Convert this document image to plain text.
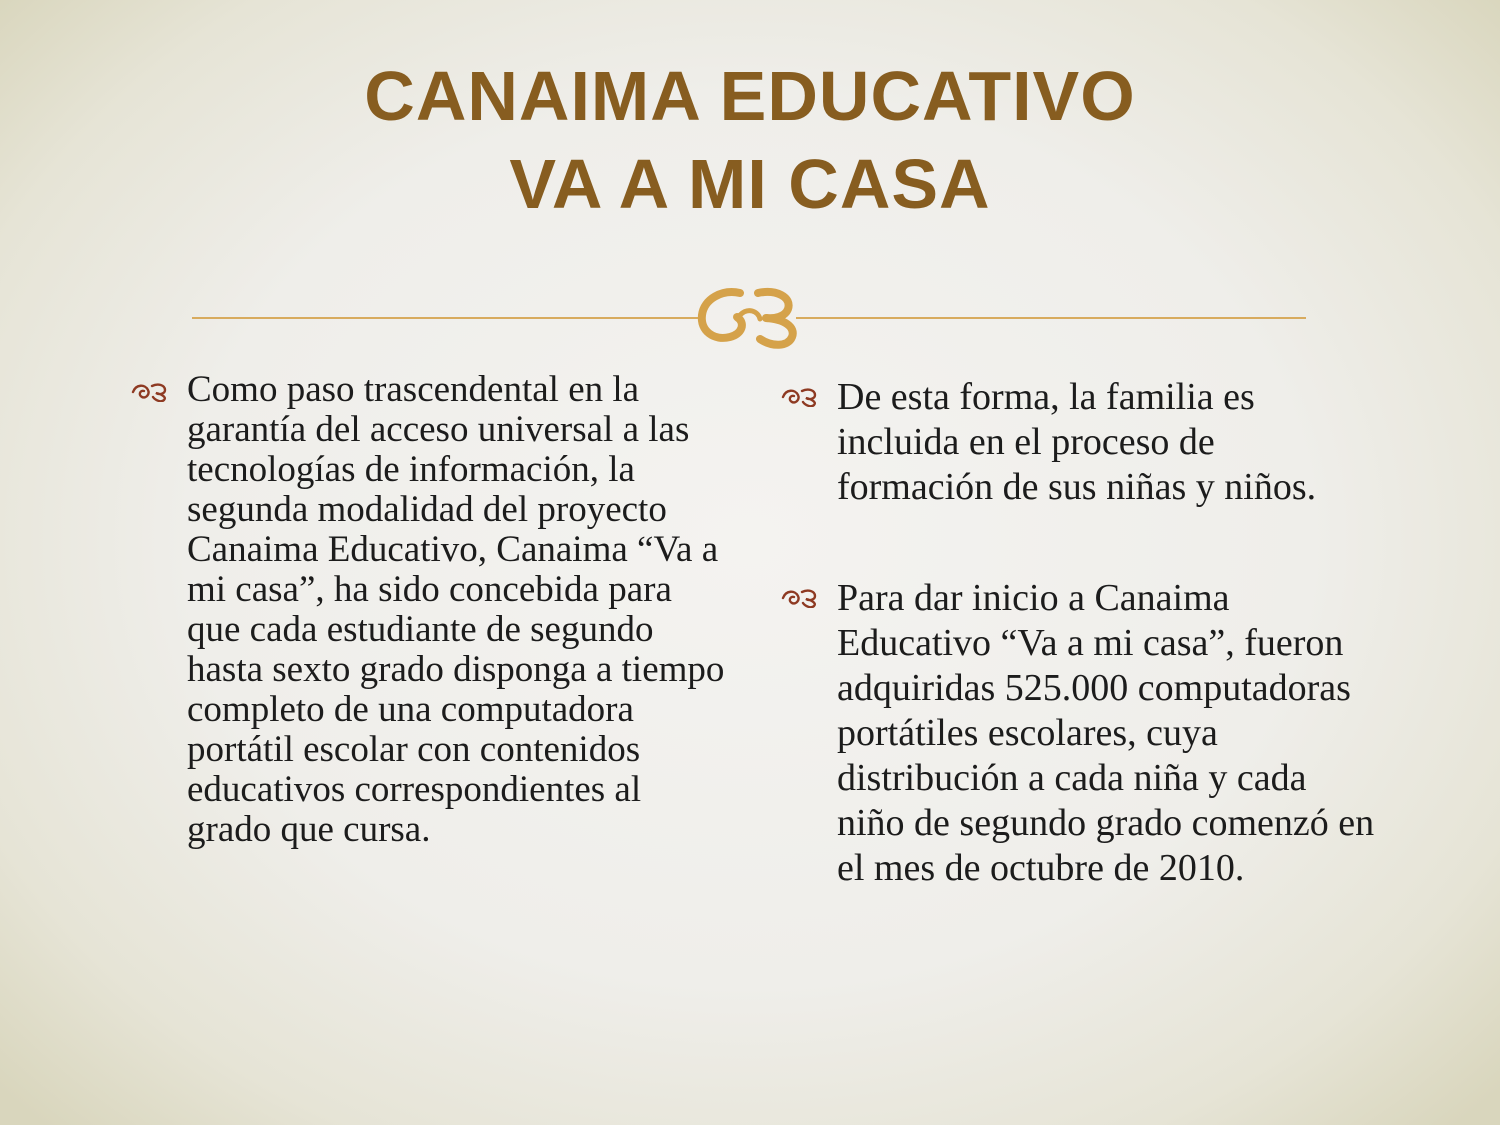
CANAIMA EDUCATIVO
VA A MI CASA
Como paso trascendental en la garantía del acceso universal a las tecnologías de información, la segunda modalidad del proyecto Canaima Educativo, Canaima “Va a mi casa”, ha sido concebida para que cada estudiante de segundo hasta sexto grado disponga a tiempo completo de una computadora portátil escolar con contenidos educativos correspondientes al grado que cursa.
De esta forma, la familia es incluida en el proceso de formación de sus niñas y niños.
Para dar inicio a Canaima Educativo “Va a mi casa”, fueron adquiridas 525.000 computadoras portátiles escolares, cuya distribución a cada niña y cada niño de segundo grado comenzó en el mes de octubre de 2010.
